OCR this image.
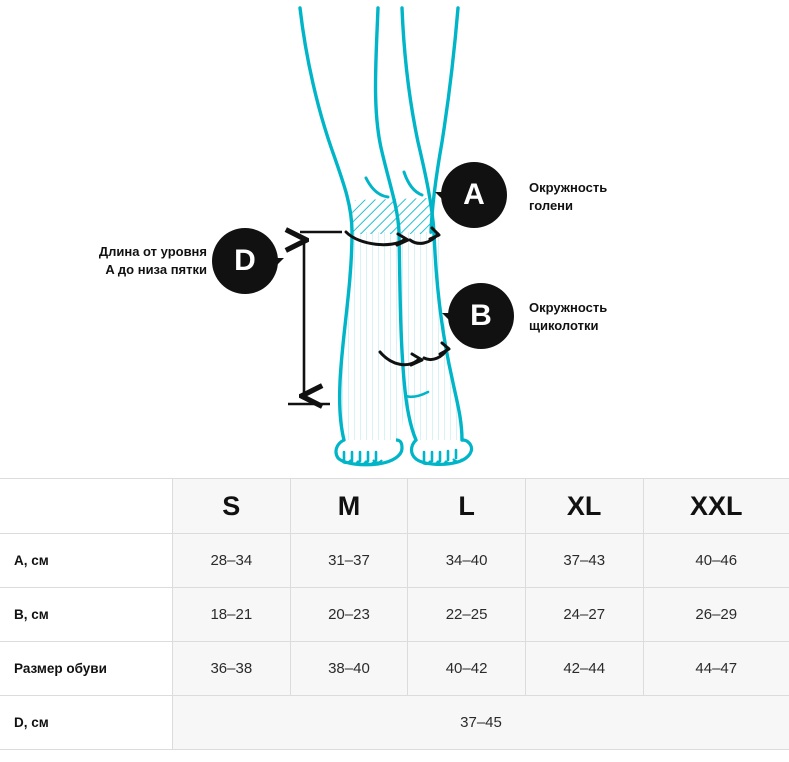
A	Окружность
голени
B	Окружность
щиколотки
D
Длина от уровня
A до низа пятки
	S	M	L	XL	XXL
A, см	28–34	31–37	34–40	37–43	40–46
B, см	18–21	20–23	22–25	24–27	26–29
Размер обуви	36–38	38–40	40–42	42–44	44–47
D, см	37–45				
